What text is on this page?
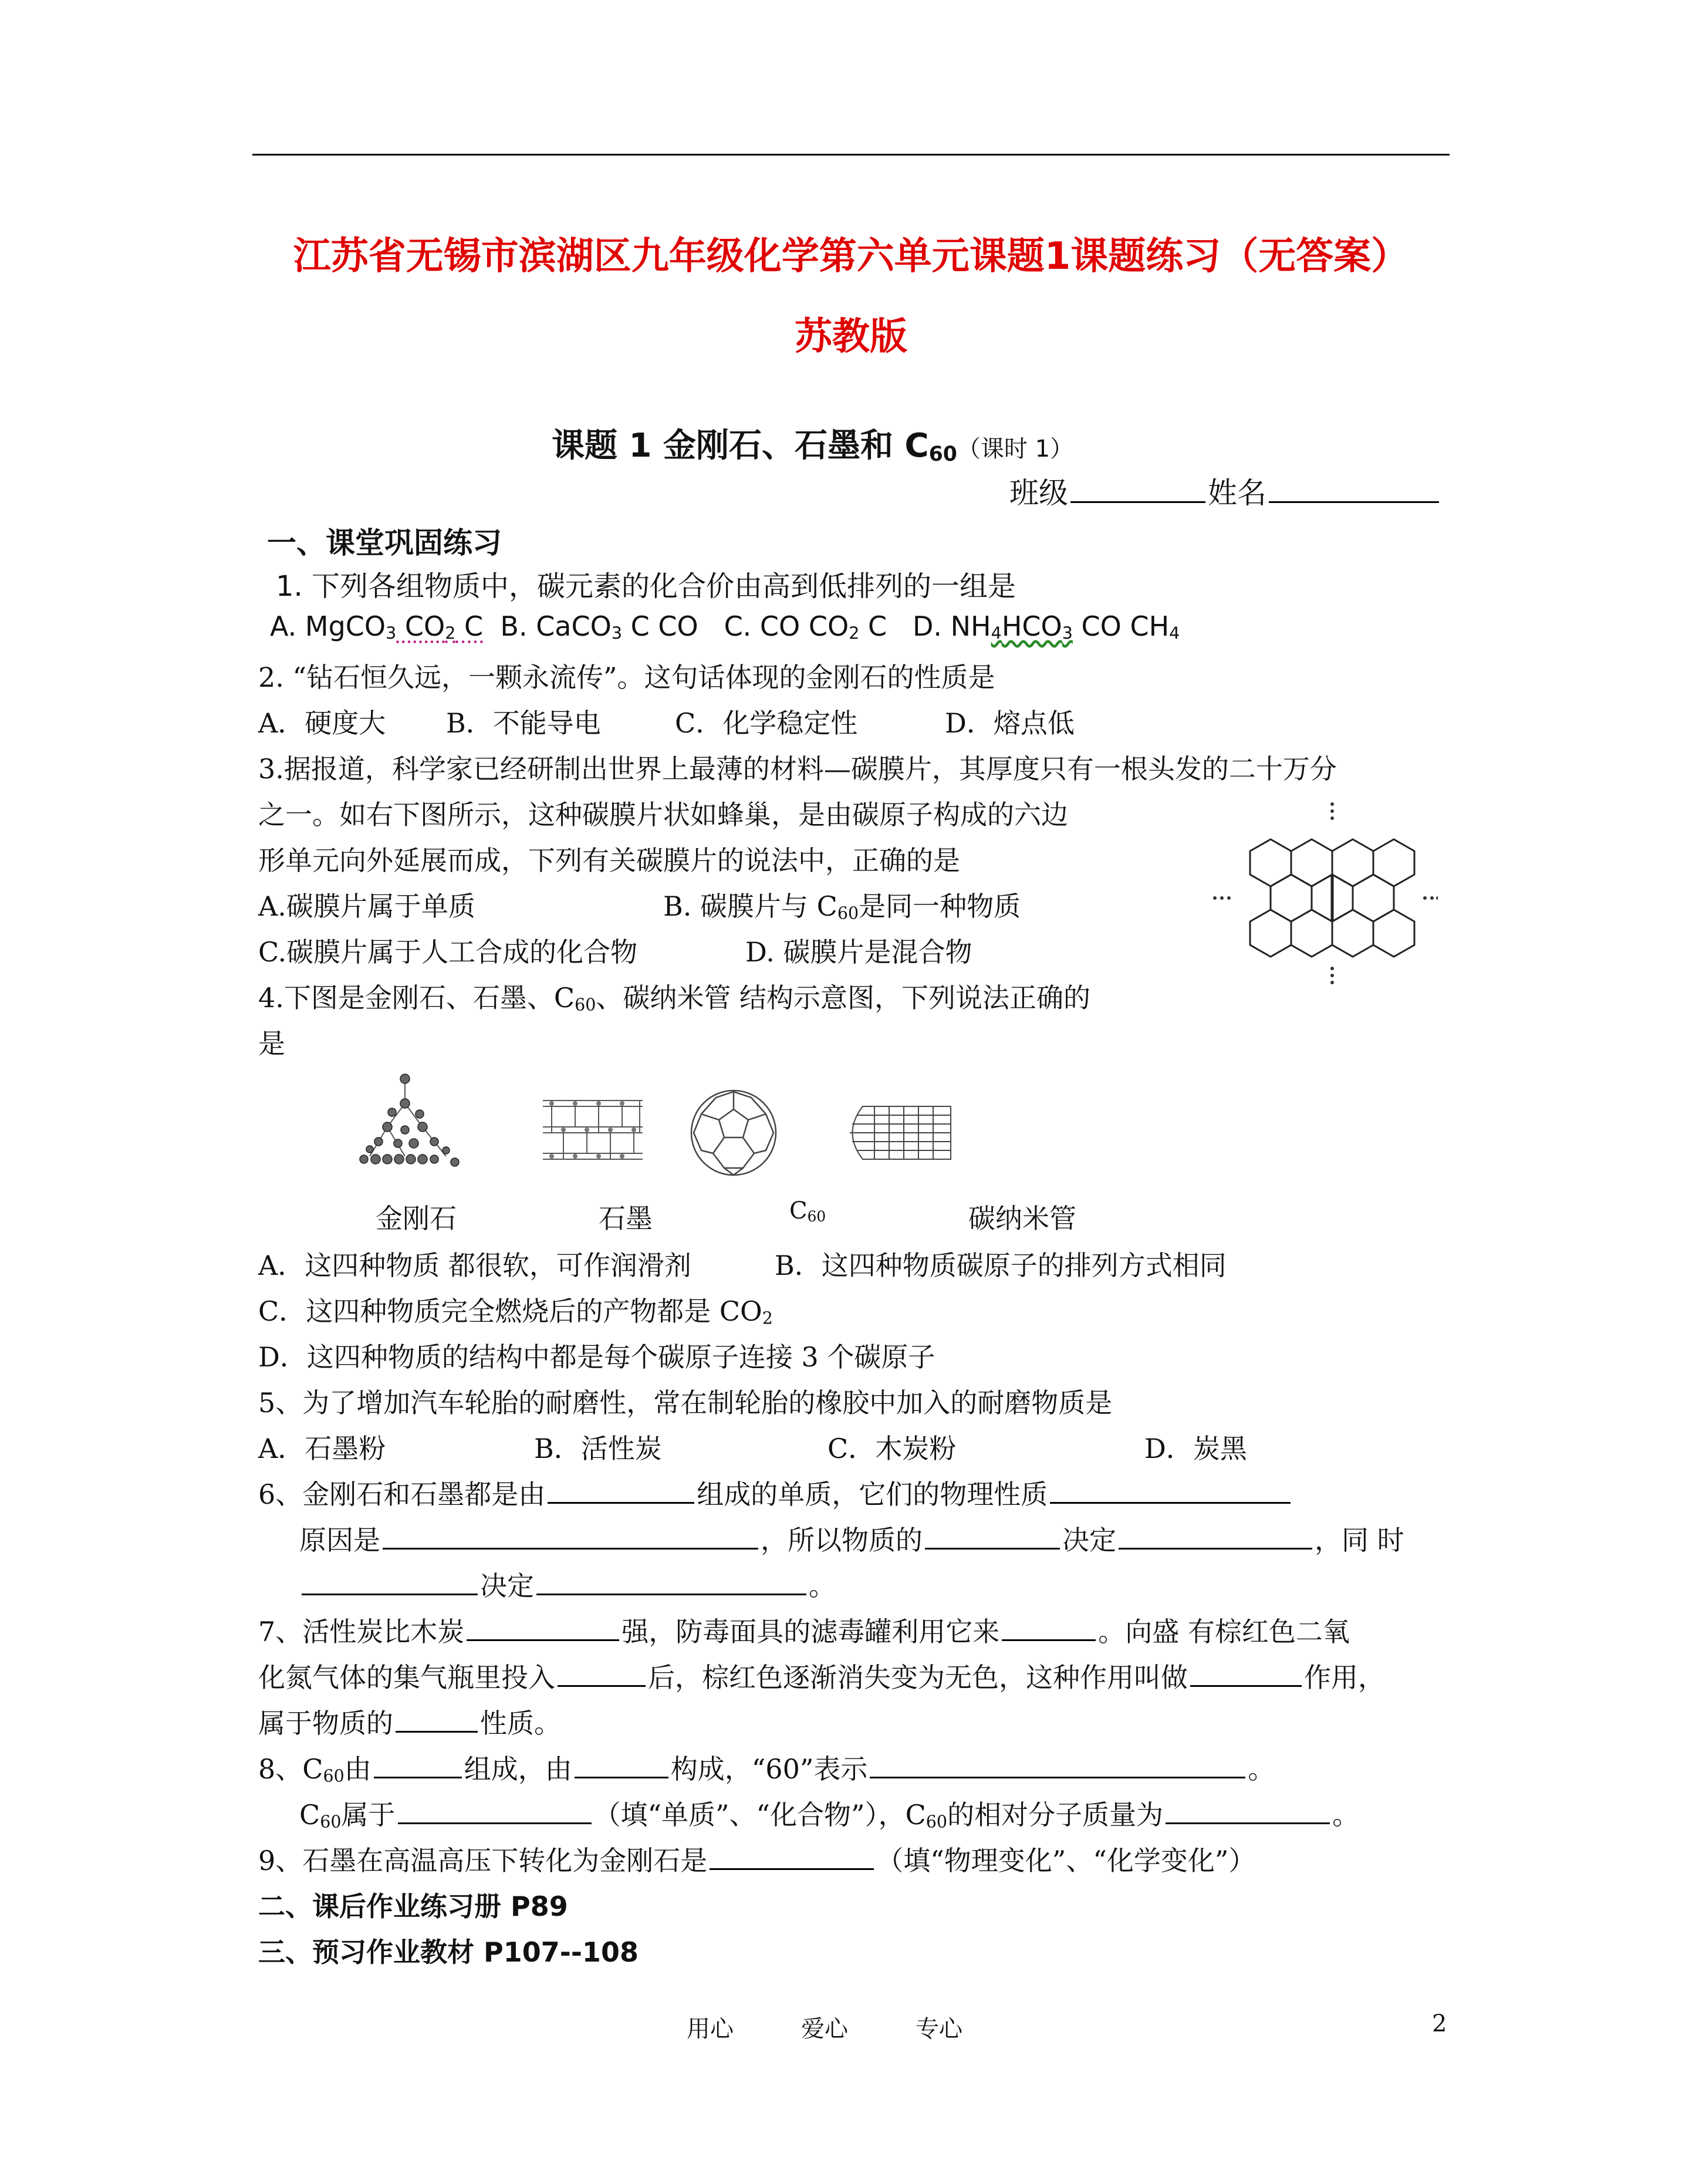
江苏省无锡市滨湖区九年级化学第六单元课题1课题练习（无答案）
苏教版
课题 1 金刚石、石墨和 $C_{60}$（课时 1）
班级	姓名
一、课堂巩固练习
1. 下列各组物质中，碳元素的化合价由高到低排列的一组是
A. MgCO$_3$ $CO_2$ C B. CaCO$_3$ C CO C. CO $CO_2$ C D. $NH_4HCO_3$ CO $CH_4$
2. “钻石恒久远，一颗永流传”。这句话体现的金刚石的性质是
A．硬度大 B．不能导电	C．化学稳定性	D．熔点低
3.据报道，科学家已经研制出世界上最薄的材料—碳膜片，其厚度只有一根头发的二十万分
之一。如右下图所示，这种碳膜片状如蜂巢，是由碳原子构成的六边
形单元向外延展而成，下列有关碳膜片的说法中，正确的是
A.碳膜片属于单质	B. 碳膜片与 $C_{60}$是同一种物质
C.碳膜片属于人工合成的化合物	D. 碳膜片是混合物
4.下图是金刚石、石墨、$C_{60}$、碳纳米管 结构示意图，下列说法正确的
是
金刚石	石墨	$C_{60}$	碳纳米管
A．这四种物质 都很软，可作润滑剂	B．这四种物质碳原子的排列方式相同
C．这四种物质完全燃烧后的产物都是 $CO_2$
D．这四种物质的结构中都是每个碳原子连接 3 个碳原子
5、为了增加汽车轮胎的耐磨性，常在制轮胎的橡胶中加入的耐磨物质是
A．石墨粉	B．活性炭	C．木炭粉	D．炭黑
6、金刚石和石墨都是由	组成的单质，它们的物理性质
原因是	，所以物质的	决定	，同 时
决定	。
7、活性炭比木炭	强，防毒面具的滤毒罐利用它来	。向盛 有棕红色二氧
化氮气体的集气瓶里投入	后，棕红色逐渐消失变为无色，这种作用叫做	作用，
属于物质的	性质。
8、$C_{60}$由	组成，由	构成，“60”表示	。
$C_{60}$属于	（填“单质”、“化合物”），$C_{60}$的相对分子质量为	。
9、石墨在高温高压下转化为金刚石是	（填“物理变化”、“化学变化”）
二、课后作业练习册 P89
三、预习作业教材 P107--108
用心	爱心	专心	2
